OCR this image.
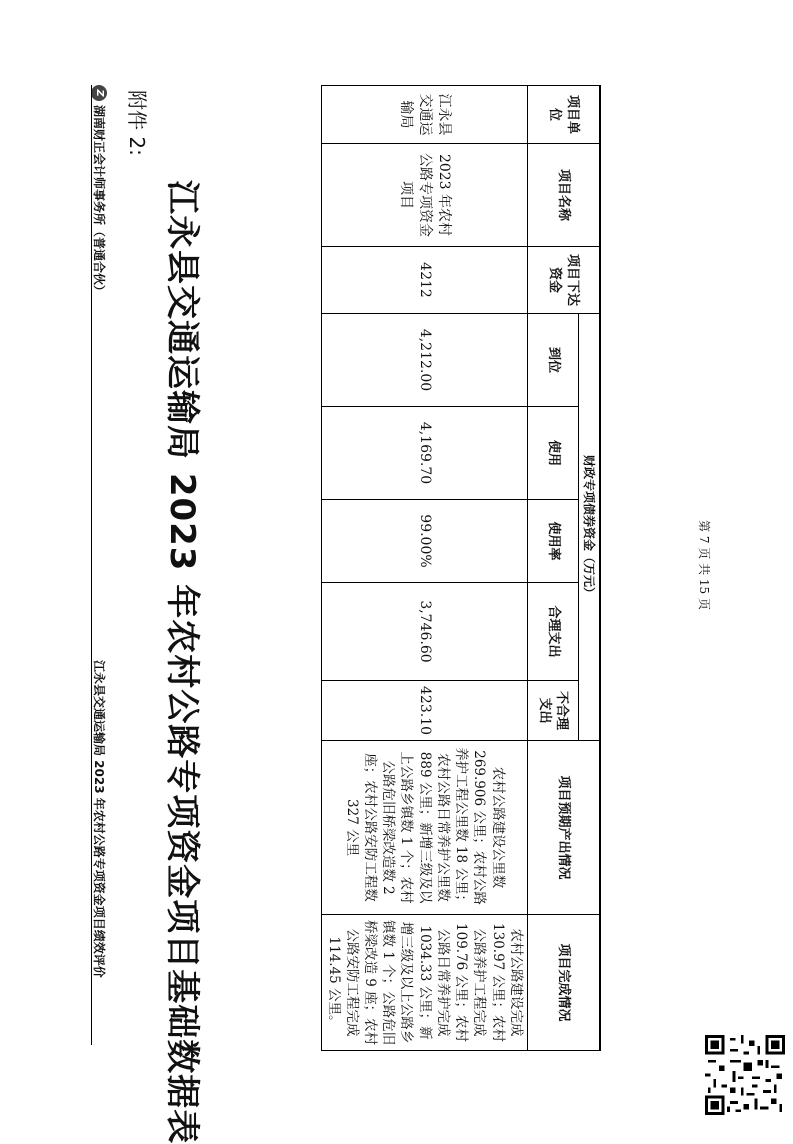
Z
湖南财正会计师事务所（普通合伙）
江永县交通运输局 2023 年农村公路专项资金项目绩效评价
附件 2:
江永县交通运输局 2023 年农村公路专项资金项目基础数据表
项目单位	项目名称	项目下达资金	财政专项债券资金（万元）					项目预期产出情况	项目完成情况
			到位	使用	使用率	合理支出	不合理支出		
江永县交通运输局	2023 年农村公路专项资金项目	4212	4,212.00	4,169.70	99.00%	3,746.60	423.10	农村公路建设公里数 269.906 公里；农村公路养护工程公里数 18 公里；农村公路日常养护公里数 889 公里；新增三级及以上公路乡镇数 1 个；农村公路危旧桥梁改造数 2 座；农村公路安防工程数 327 公里	农村公路建设完成 130.97 公里；农村公路养护工程完成 109.76 公里；农村公路日常养护完成 1034.33 公里；新增三级及以上公路乡镇数 1 个；公路危旧桥梁改造 9 座；农村公路安防工程完成 114.45 公里。
第 7 页 共 15 页
